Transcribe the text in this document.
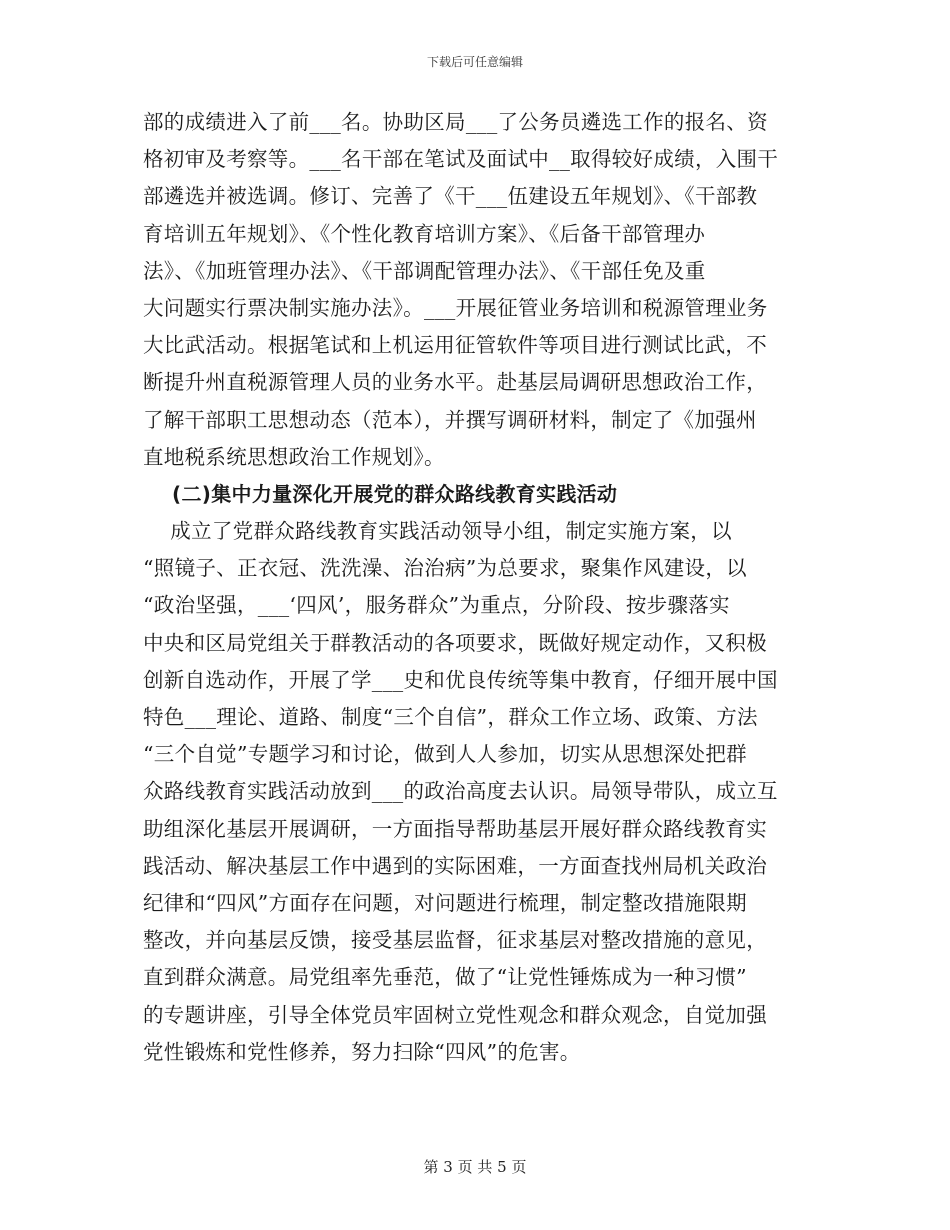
下载后可任意编辑
部的成绩进入了前___名。协助区局___了公务员遴选工作的报名、资
格初审及考察等。___名干部在笔试及面试中__取得较好成绩，入围干
部遴选并被选调。修订、完善了《干___伍建设五年规划》、《干部教
育培训五年规划》、《个性化教育培训方案》、《后备干部管理办
法》、《加班管理办法》、《干部调配管理办法》、《干部任免及重
大问题实行票决制实施办法》。___开展征管业务培训和税源管理业务
大比武活动。根据笔试和上机运用征管软件等项目进行测试比武，不
断提升州直税源管理人员的业务水平。赴基层局调研思想政治工作，
了解干部职工思想动态（范本），并撰写调研材料，制定了《加强州
直地税系统思想政治工作规划》。
(二)集中力量深化开展党的群众路线教育实践活动
成立了党群众路线教育实践活动领导小组，制定实施方案，以
“照镜子、正衣冠、洗洗澡、治治病”为总要求，聚集作风建设，以
“政治坚强，___‘四风’，服务群众”为重点，分阶段、按步骤落实
中央和区局党组关于群教活动的各项要求，既做好规定动作，又积极
创新自选动作，开展了学___史和优良传统等集中教育，仔细开展中国
特色___理论、道路、制度“三个自信”，群众工作立场、政策、方法
“三个自觉”专题学习和讨论，做到人人参加，切实从思想深处把群
众路线教育实践活动放到___的政治高度去认识。局领导带队，成立互
助组深化基层开展调研，一方面指导帮助基层开展好群众路线教育实
践活动、解决基层工作中遇到的实际困难，一方面查找州局机关政治
纪律和“四风”方面存在问题，对问题进行梳理，制定整改措施限期
整改，并向基层反馈，接受基层监督，征求基层对整改措施的意见，
直到群众满意。局党组率先垂范，做了“让党性锤炼成为一种习惯”
的专题讲座，引导全体党员牢固树立党性观念和群众观念，自觉加强
党性锻炼和党性修养，努力扫除“四风”的危害。
第 3 页 共 5 页
